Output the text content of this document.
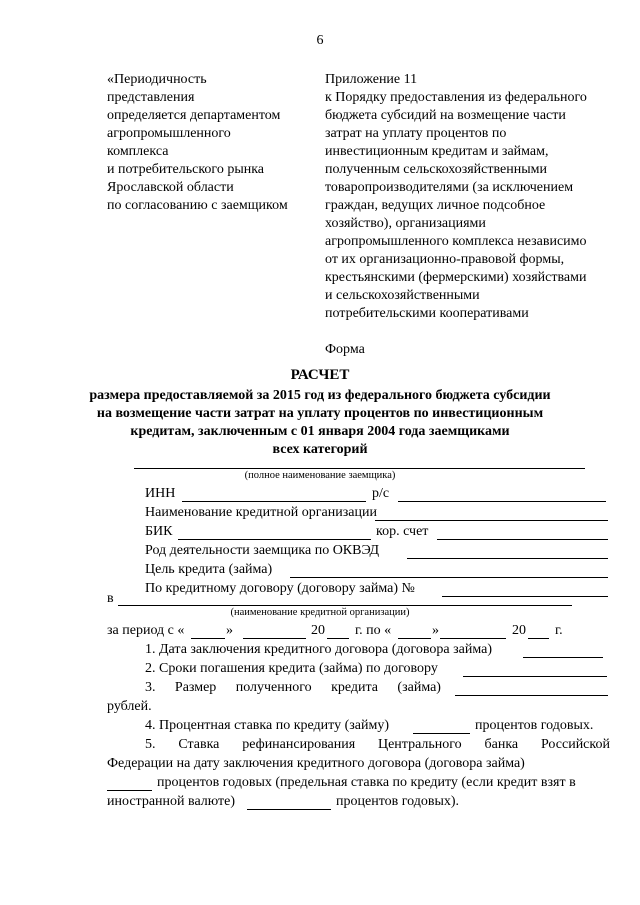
6
«Периодичность
представления
определяется департаментом
агропромышленного
комплекса
и потребительского рынка
Ярославской области
по согласованию с заемщиком
Приложение 11
к Порядку предоставления из федерального
бюджета субсидий на возмещение части
затрат на уплату процентов по
инвестиционным кредитам и займам,
полученным сельскохозяйственными
товаропроизводителями (за исключением
граждан, ведущих личное подсобное
хозяйство), организациями
агропромышленного комплекса независимо
от их организационно-правовой формы,
крестьянскими (фермерскими) хозяйствами
и сельскохозяйственными
потребительскими кооперативами
Форма
РАСЧЕТ
размера предоставляемой за 2015 год из федерального бюджета субсидии
на возмещение части затрат на уплату процентов по инвестиционным
кредитам, заключенным с 01 января 2004 года заемщиками
всех категорий
(полное наименование заемщика)
ИНН	р/с
Наименование кредитной организации
БИК	кор. счет
Род деятельности заемщика по ОКВЭД
Цель кредита (займа)
По кредитному договору (договору займа) №
в
(наименование кредитной организации)
за период с «	»	20 г. по «	»	20 г.
1. Дата заключения кредитного договора (договора займа)
2. Сроки погашения кредита (займа) по договору
3. Размер полученного кредита (займа)
рублей.
4. Процентная ставка по кредиту (займу)	процентов годовых.
5. Ставка рефинансирования Центрального банка Российской
Федерации на дату заключения кредитного договора (договора займа)
процентов годовых (предельная ставка по кредиту (если кредит взят в
иностранной валюте)	процентов годовых).
